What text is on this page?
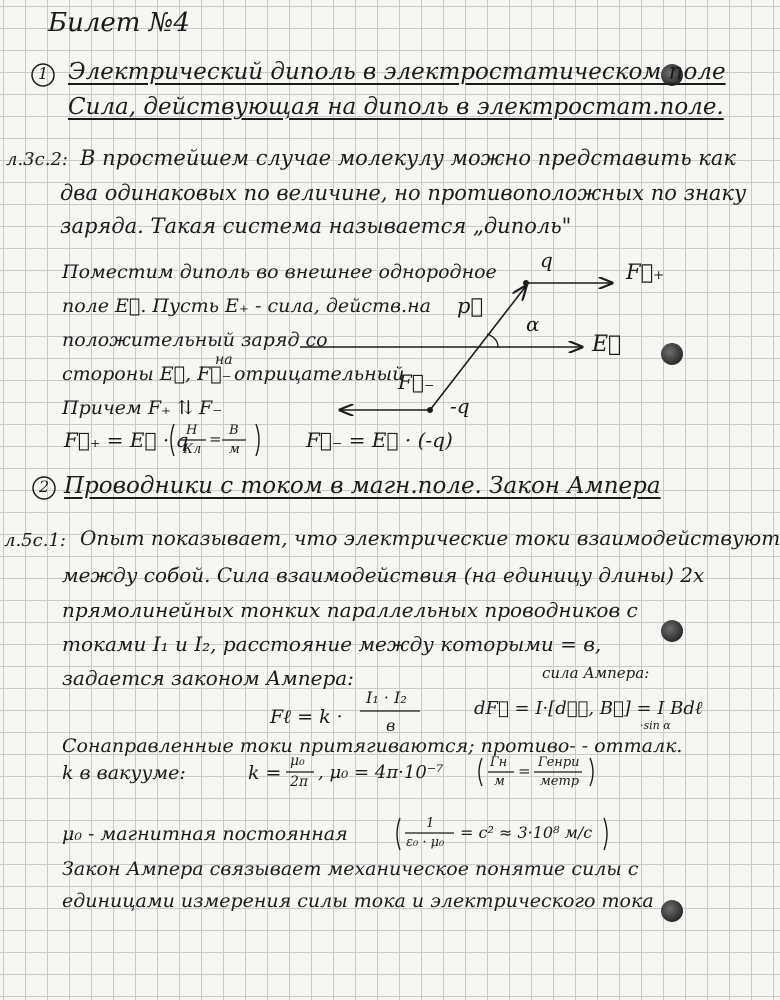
Билет №4
1 Электрический диполь в электростатическом поле
Сила, действующая на диполь в электростат.поле.
л.3с.2: В простейшем случае молекулу можно представить как
два одинаковых по величине, но противоположных по знаку
заряда. Такая система называется „диполь"
Поместим диполь во внешнее однородное
поле E⃗. Пусть E₊ - сила, действ.на
положительный заряд со
стороны E⃗, F⃗₋
на
отрицательный
Причем F₊ ⇅ F₋
F⃗₊ = E⃗ · q
Н
Кл
= В
м	F⃗₋ = E⃗ · (-q)
q	F⃗₊
p⃗
α
E⃗
F⃗₋
-q
2 Проводники с током в магн.поле. Закон Ампера
л.5с.1: Опыт показывает, что электрические токи взаимодействуют
между собой. Сила взаимодействия (на единицу длины) 2х
прямолинейных тонких параллельных проводников с
токами I₁ и I₂, расстояние между которыми = в,
задается законом Ампера:	сила Ампера:
Fℓ = k ·
I₁ · I₂
в
dF⃗ = I·[dℓ⃗, B⃗] = I Bdℓ
·sin α
Сонаправленные токи притягиваются; противо- - отталк.
k в вакууме:	k =
μ₀
2π , μ₀ = 4π·10⁻⁷	Гн
м
= Генри
метр
μ₀ - магнитная постоянная	1
ε₀ · μ₀
= c² ≈ 3·10⁸ м/с
Закон Ампера связывает механическое понятие силы с
единицами измерения силы тока и электрического тока
